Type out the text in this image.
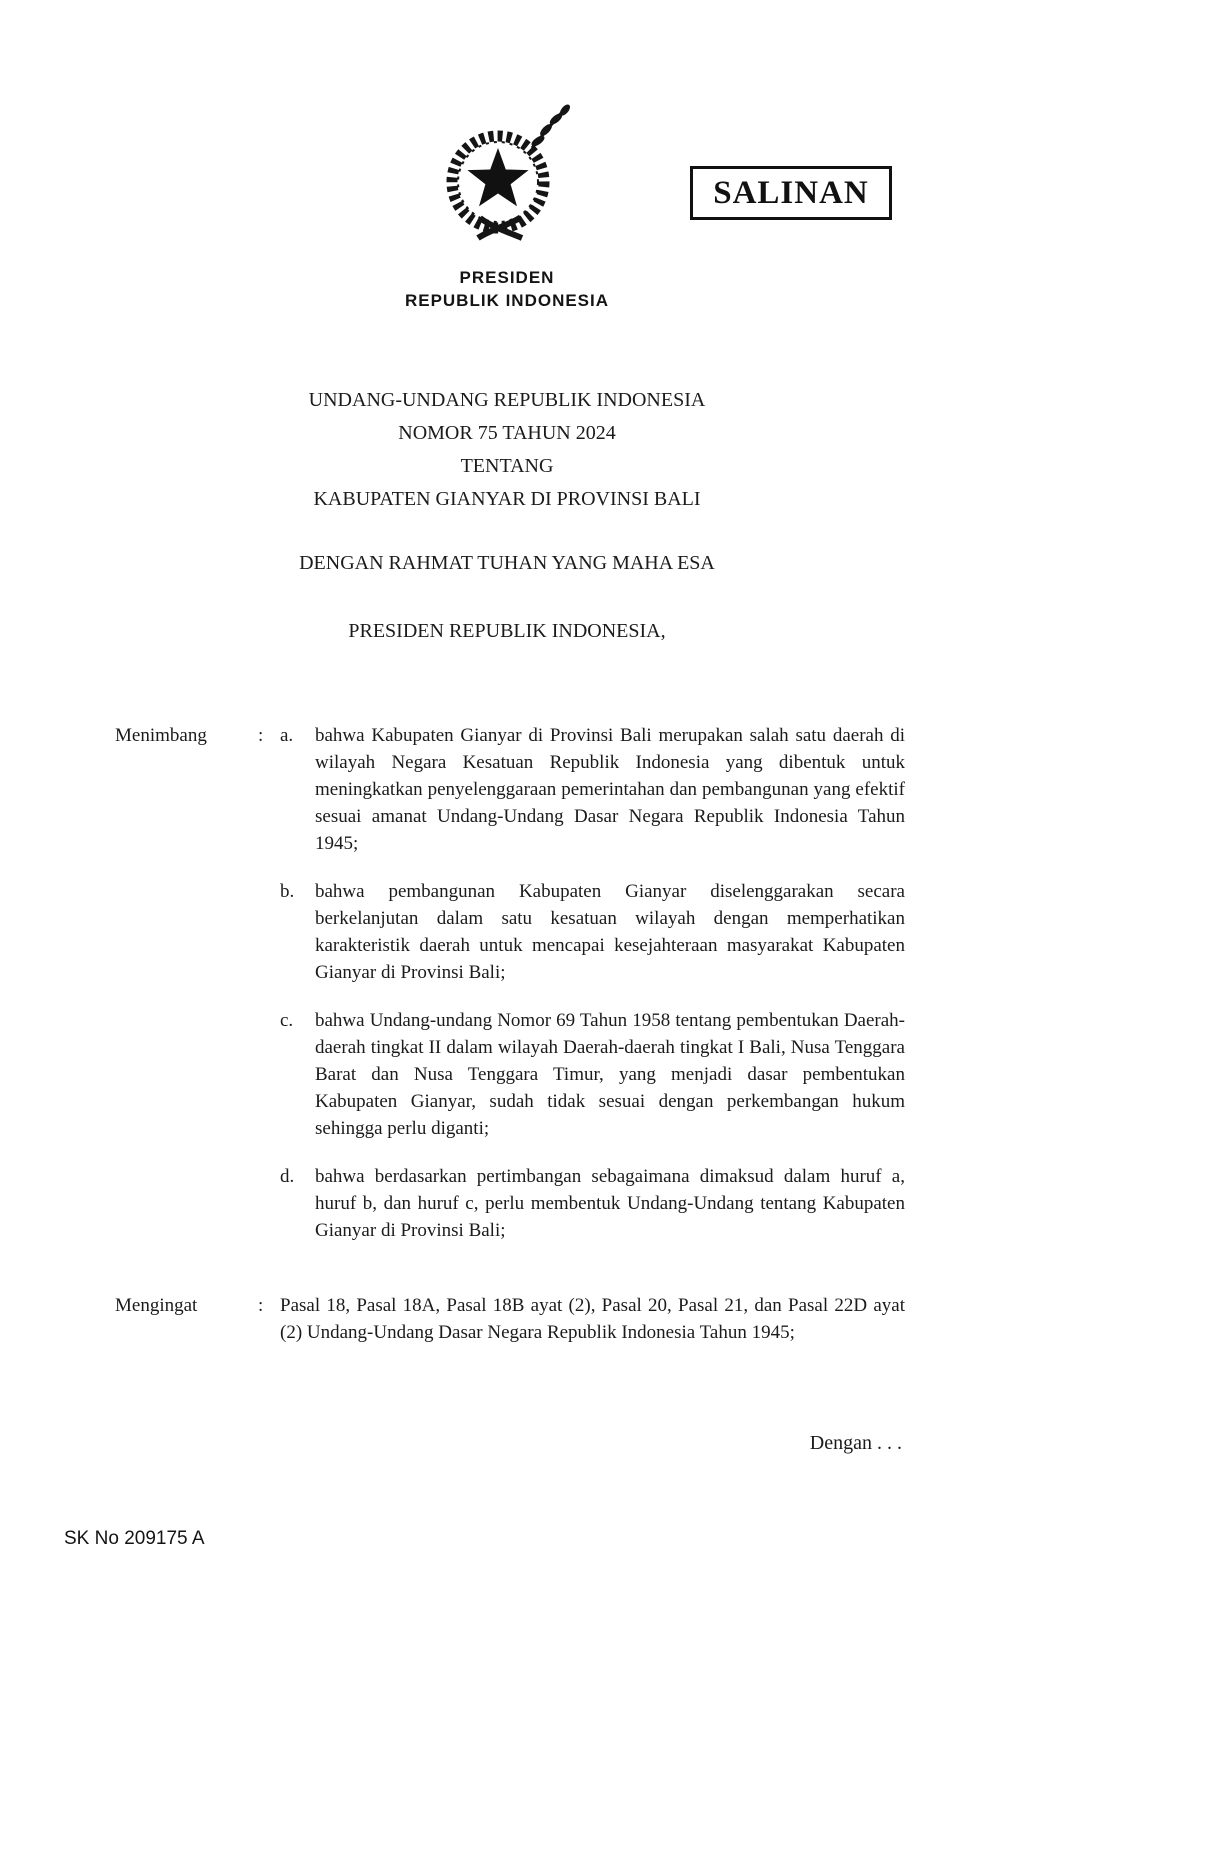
SALINAN
PRESIDEN
REPUBLIK INDONESIA
UNDANG-UNDANG REPUBLIK INDONESIA
NOMOR 75 TAHUN 2024
TENTANG
KABUPATEN GIANYAR DI PROVINSI BALI
DENGAN RAHMAT TUHAN YANG MAHA ESA
PRESIDEN REPUBLIK INDONESIA,
Menimbang	: a.	bahwa Kabupaten Gianyar di Provinsi Bali merupakan salah satu daerah di wilayah Negara Kesatuan Republik Indonesia yang dibentuk untuk meningkatkan penyelenggaraan pemerintahan dan pembangunan yang efektif sesuai amanat Undang-Undang Dasar Negara Republik Indonesia Tahun 1945;
b.	bahwa pembangunan Kabupaten Gianyar diselenggarakan secara berkelanjutan dalam satu kesatuan wilayah dengan memperhatikan karakteristik daerah untuk mencapai kesejahteraan masyarakat Kabupaten Gianyar di Provinsi Bali;
c.	bahwa Undang-undang Nomor 69 Tahun 1958 tentang pembentukan Daerah-daerah tingkat II dalam wilayah Daerah-daerah tingkat I Bali, Nusa Tenggara Barat dan Nusa Tenggara Timur, yang menjadi dasar pembentukan Kabupaten Gianyar, sudah tidak sesuai dengan perkembangan hukum sehingga perlu diganti;
d.	bahwa berdasarkan pertimbangan sebagaimana dimaksud dalam huruf a, huruf b, dan huruf c, perlu membentuk Undang-Undang tentang Kabupaten Gianyar di Provinsi Bali;
Mengingat	: Pasal 18, Pasal 18A, Pasal 18B ayat (2), Pasal 20, Pasal 21, dan Pasal 22D ayat (2) Undang-Undang Dasar Negara Republik Indonesia Tahun 1945;
Dengan . . .
SK No 209175 A
